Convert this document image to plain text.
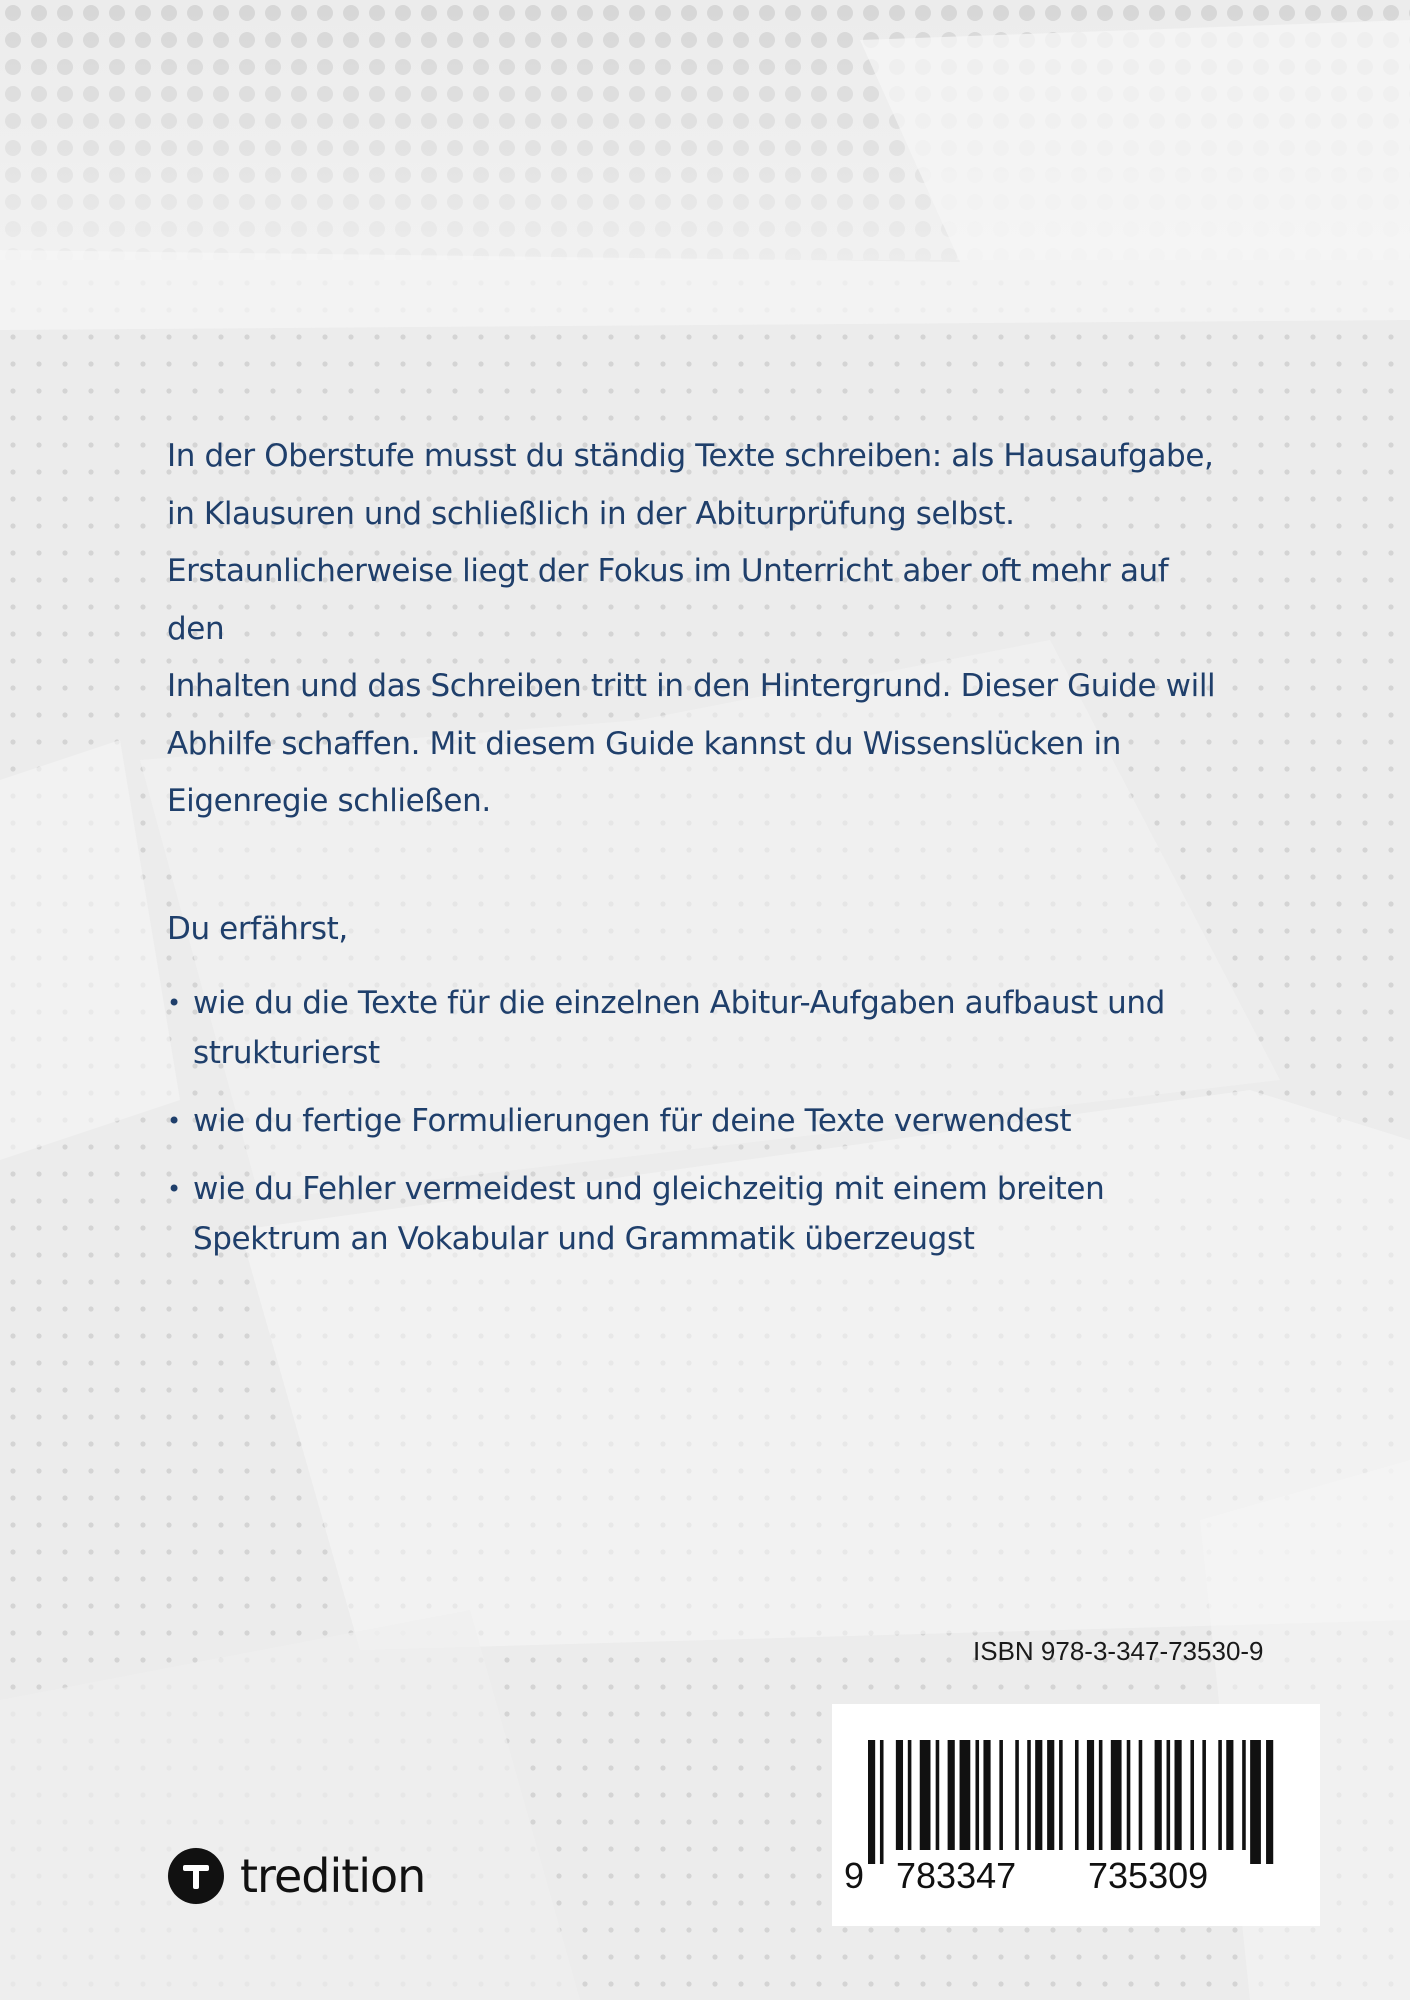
In der Oberstufe musst du ständig Texte schreiben: als Hausaufgabe,
in Klausuren und schließlich in der Abiturprüfung selbst.
Erstaunlicherweise liegt der Fokus im Unterricht aber oft mehr auf den
Inhalten und das Schreiben tritt in den Hintergrund. Dieser Guide will
Abhilfe schaffen. Mit diesem Guide kannst du Wissenslücken in
Eigenregie schließen.

Du erfährst,

• wie du die Texte für die einzelnen Abitur-Aufgaben aufbaust und
strukturierst
• wie du fertige Formulierungen für deine Texte verwendest
• wie du Fehler vermeidest und gleichzeitig mit einem breiten
Spektrum an Vokabular und Grammatik überzeugst
ISBN 978-3-347-73530-9
9 783347 735309
tredition
